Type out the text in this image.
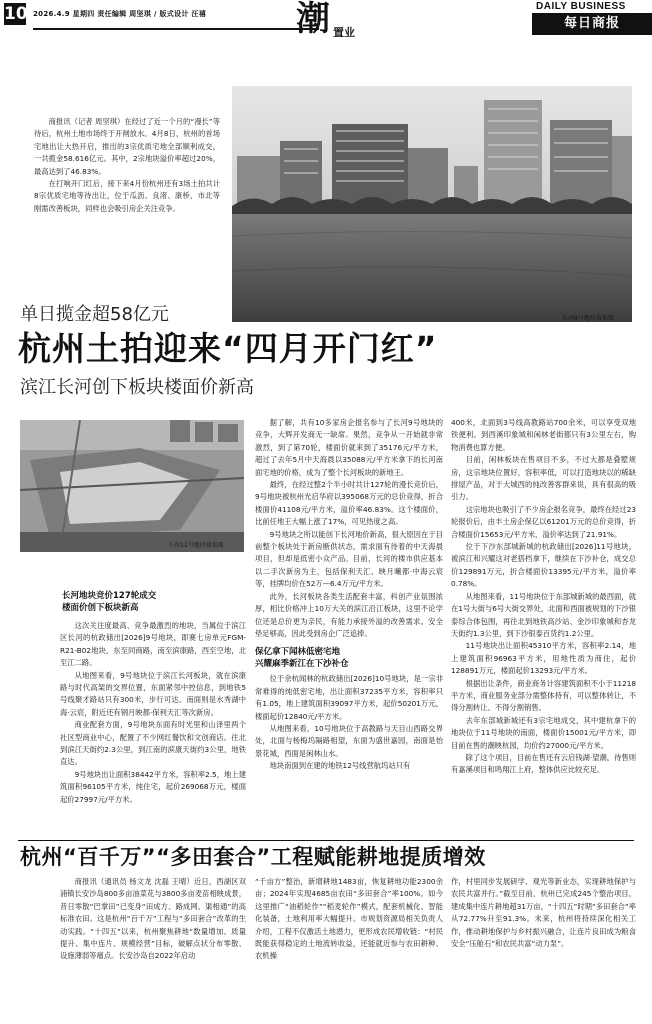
10 2026.4.9 星期四 责任编辑 周坚琪 / 版式设计 汪禧	潮 置业
DAILY BUSINESS
每日商报

商报讯（记者 周坚琪）在经过了近一个月的“漫长”等待后，杭州土地市场终于开闸放水。4月8日，杭州的首场宅地出让大热开启，推出的3宗优质宅地全部顺利成交，一共揽金58.616亿元。其中，2宗地块溢价率超过20%，最高达到了46.83%。

在打响开门红后，接下来4月份杭州还有3场土拍共计8宗优质宅地等待出让，位于瓜沥、良渚、康桥、市北等刚需改善板块，同样也会吸引房企关注竞争。

长河9号地块效果图
单日揽金超58亿元
杭州土拍迎来“四月开门红”
滨江长河创下板块楼面价新高
下沙11号地块效果图
长河地块竞价127轮成交
楼面价创下板块新高

这次关注度最高、竞争最激烈的地块，当属位于滨江区长河的杭政储出[2026]9号地块，即赛七房单元FGM-R21-B02地块，东至同商路，南至滨康路，西至空地，北至江二路。

从地图来看，9号地块位于滨江长河板块，就在滨康路与时代高架的交界位置，东面紧邻中控信息，到地铁5号线聚才路站只有300米，步行可达。南面则是水秀湖中海·云宸，附近还有钢月映都·保利天汇等次新房。

商业配套方面，9号地块东面有时光里和山泽里两个社区型商业中心，配置了不少网红餐饮和文创商店。往北到滨江天街约2.3公里，到江南的滨康天街约3公里，地铁直达。

9号地块出让面积38442平方米，容积率2.5，地上建筑面积96105平方米，纯住宅，起价269068万元，楼面起价27997元/平方米。

据了解，共有10多家房企报名参与了长河9号地块的竞争，大辉开发商无一缺席。果然，竞争从一开始就非常激烈，到了第70轮，楼面价就来到了35176元/平方米，超过了去年5月中天海晨以35088元/平方米拿下的长河南面宅地的价格，成为了整个长河板块的新地王。

最终，在经过整2个半小时共计127轮的漫长竞价后，9号地块被杭州光启华府以395068万元的总价竞得，折合楼面价41108元/平方米，溢价率46.83%。这个楼面价，比前任地王大幅上涨了17%，可见热度之高。

9号地块之所以能创下长河地价新高，很大原因在于目前整个板块处于新房断供状态，需求面有待着的中天海晨项目，但却是低密小众产品。目前，长河的楼市供应基本以二手次新房为主，包括保利天汇、映月曦都·中海云宸等，挂牌均价在52万—6.4万元/平方米。

此外，长河板块各类生活配套丰富，科创产业氛围浓厚，相比价格冲上10万大关的滨江沿江板块，这里不论学位还是总价更为亲民，有能力承接外溢的改善需求。安全垫足够高，因此受到房企广泛追捧。

保亿拿下闻林低密宅地
兴耀麻季新江在下沙补仓

位于余杭闻林的杭政储出[2026]10号地块，是一宗非常难得的纯低密宅地，出让面积37235平方米，容积率只有1.05，地上建筑面积39097平方米，起价50201万元，楼面起价12840元/平方米。

从地图来看，10号地块位于高教路与天目山西路交界处，北面与杨梅坞隔路相望，东面为盛世嘉园，南面是怡景花城，西面是闲林山水。

地块南面到在建的地铁12号线营航坞站只有

400米，北面到3号线高教路站700余米，可以享受双地铁便利。到西溪印象城和闲林老街都只有3公里左右，购物消费也算方便。

目前，闲林板块在售项目不多，不过大都是叠墅规房，这宗地块位置好，容积率低，可以打造地块以的稀缺排屋产品，对于大城西的纯改善客群来说，具有很高的吸引力。

这宗地块也吸引了不少房企报名竞争，最终在经过23轮报价后，由丰土房企保亿以61201万元的总价竞得，折合楼面价15653元/平方米，溢价率达到了21.91%。

位于下沙东部城新城的杭政储出[2026]11号地块，被滨江和兴耀这对老搭档拿下，继续在下沙补仓，成交总价129891万元，折合楼面价13395元/平方米，溢价率0.78%。

从地图来看，11号地块位于东部城新城的最西面，就在1号大街与6号大街交界处，北面和西面被规划的下沙银泰综合体包围，再往北到地铁高沙站、金沙印象城和杏龙天街约1.3公里，到下沙银泰百货约1.2公里。

11号地块出让面积45310平方米，容积率2.14，地上建筑面积96963平方米，用地性质为商住，起价128891万元，楼面起价13293元/平方米。

根据出让条件，商业商务计容建筑面积不小于11218平方米，商业服务业部分需整体持有，可以整体转让，不得分割转让、不得分割销售。

去年东部城新城还有3宗宅地成交，其中建杭拿下的地块位于11号地块的南面，楼面价15001元/平方米，即目前在售的潮映杭园，均价约27000元/平方米。

除了这个项目，目前在售还有云启钱湖·望潮，待售则有嘉溪项目和鸣翔江上府，整体供应比较充足。

杭州“百千万”“多田套合”工程赋能耕地提质增效

商报讯（通讯员 杨文龙 沈磊 王晴）近日，西湖区双浦镇长安沙岛800多亩油菜花与3800多亩麦苗相映成景，昔日零散“巴掌田”已变身“田成方、路成网、渠相通”的高标准农田。这是杭州“百千万”工程与“多田套合”改革的生动实践。“十四五”以来，杭州聚焦耕地“数量增加、质量提升、集中连片、规模经营”目标，破解点状分布零散、设施薄弱等痛点。长安沙岛自2022年启动

“千亩方”整治，新增耕地1483亩，恢复耕地功能2300余亩；2024年实现4685亩农田“多田套合”率100%。如今这里推广“油稻轮作”“稻麦轮作”模式，配套机械化、智能化装备，土地利用率大幅提升。市规划资源局相关负责人介绍，工程不仅激活土地潜力，更形成农民增收链：“村民既能获得稳定的土地流转收益，还能就近参与农田耕种、农机操

作，村里同步发展研学、观光等新业态，实现耕地保护与农民共富并行。”截至目前，杭州已完成245个整治项目，建成集中连片耕地超31万亩，“十四五”时期“多田套合”率从72.77%升至91.3%。未来，杭州将持续深化相关工作，推动耕地保护与乡村振兴融合，让连片良田成为粮食安全“压舱石”和农民共富“动力泵”。
